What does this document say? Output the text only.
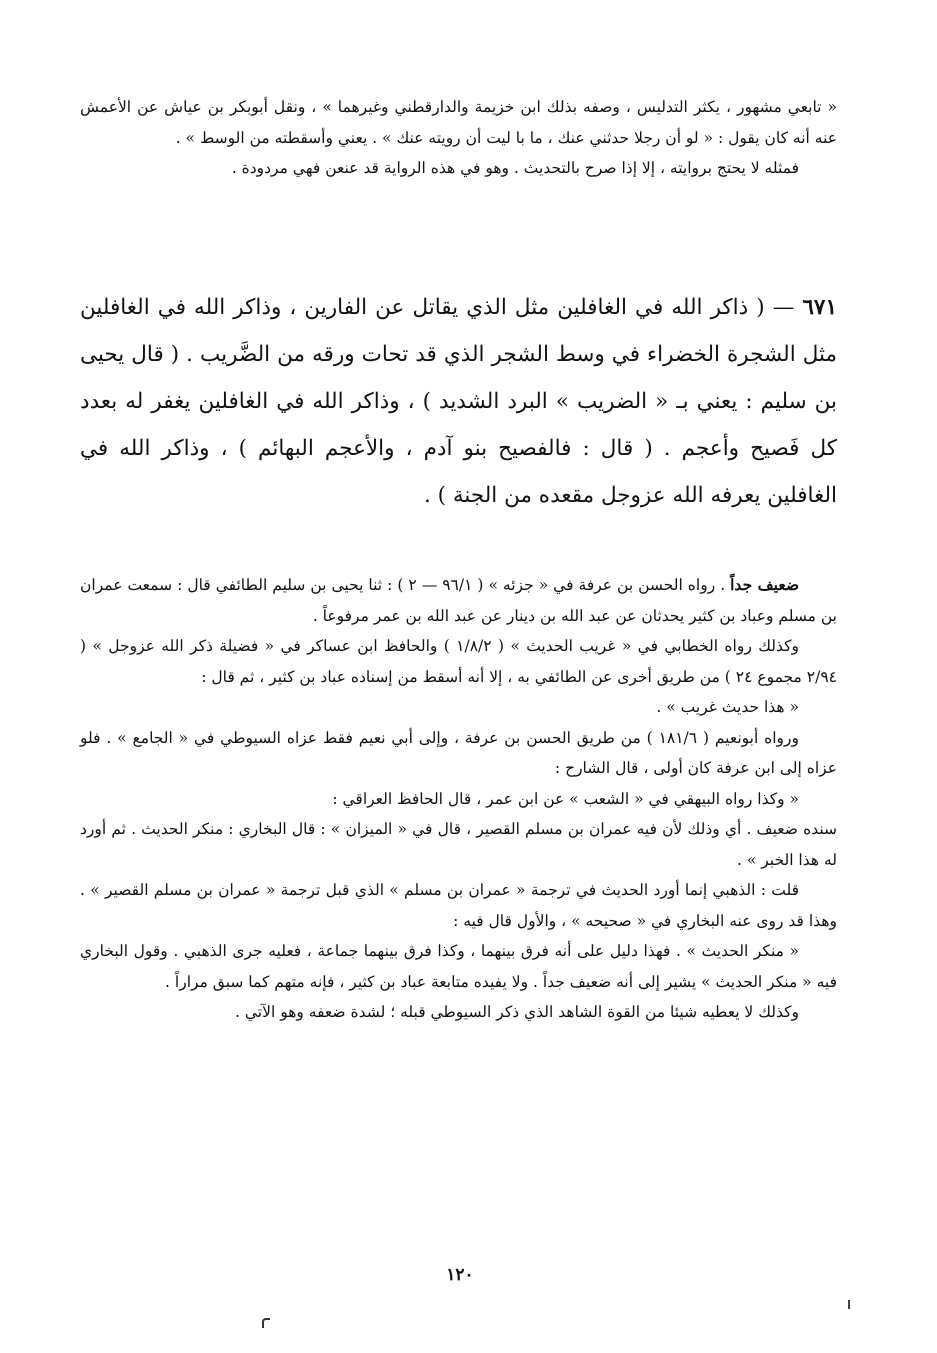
« تابعي مشهور ، يكثر التدليس ، وصفه بذلك ابن خزيمة والدارقطني وغيرهما » ، ونقل أبوبكر بن عياش عن الأعمش عنه أنه كان يقول : « لو أن رجلا حدثني عنك ، ما با ليت أن رويته عنك » . يعني وأسقطته من الوسط » .

فمثله لا يحتج بروايته ، إلا إذا صرح بالتحديث . وهو في هذه الرواية قد عنعن فهي مردودة .

٦٧١ — ( ذاكر الله في الغافلين مثل الذي يقاتل عن الفارين ، وذاكر الله في الغافلين مثل الشجرة الخضراء في وسط الشجر الذي قد تحات ورقه من الضَّريب . ( قال يحيى بن سليم : يعني بـ « الضريب » البرد الشديد ) ، وذاكر الله في الغافلين يغفر له بعدد كل فَصيح وأعجم . ( قال : فالفصيح بنو آدم ، والأعجم البهائم ) ، وذاكر الله في الغافلين يعرفه الله عزوجل مقعده من الجنة ) .

ضعيف جداً . رواه الحسن بن عرفة في « جزئه » ( ٩٦/١ — ٢ ) : ثنا يحيى بن سليم الطائفي قال : سمعت عمران بن مسلم وعباد بن كثير يحدثان عن عبد الله بن دينار عن عبد الله بن عمر مرفوعاً .

وكذلك رواه الخطابي في « غريب الحديث » ( ١/٨/٢ ) والحافظ ابن عساكر في « فضيلة ذكر الله عزوجل » ( ٢/٩٤ مجموع ٢٤ ) من طريق أخرى عن الطائفي به ، إلا أنه أسقط من إسناده عباد بن كثير ، ثم قال :

« هذا حديث غريب » .

ورواه أبونعيم ( ١٨١/٦ ) من طريق الحسن بن عرفة ، وإلى أبي نعيم فقط عزاه السيوطي في « الجامع » . فلو عزاه إلى ابن عرفة كان أولى ، قال الشارح :

« وكذا رواه البيهقي في « الشعب » عن ابن عمر ، قال الحافظ العراقي :

سنده ضعيف . أي وذلك لأن فيه عمران بن مسلم القصير ، قال في « الميزان » : قال البخاري : منكر الحديث . ثم أورد له هذا الخبر » .

قلت : الذهبي إنما أورد الحديث في ترجمة « عمران بن مسلم » الذي قبل ترجمة « عمران بن مسلم القصير » . وهذا قد روى عنه البخاري في « صحيحه » ، والأول قال فيه :

« منكر الحديث » . فهذا دليل على أنه فرق بينهما ، وكذا فرق بينهما جماعة ، فعليه جرى الذهبي . وقول البخاري فيه « منكر الحديث » يشير إلى أنه ضعيف جداً . ولا يفيده متابعة عباد بن كثير ، فإنه متهم كما سبق مراراً .

وكذلك لا يعطيه شيئا من القوة الشاهد الذي ذكر السيوطي قبله ؛ لشدة ضعفه وهو الآتي .

١٢٠
